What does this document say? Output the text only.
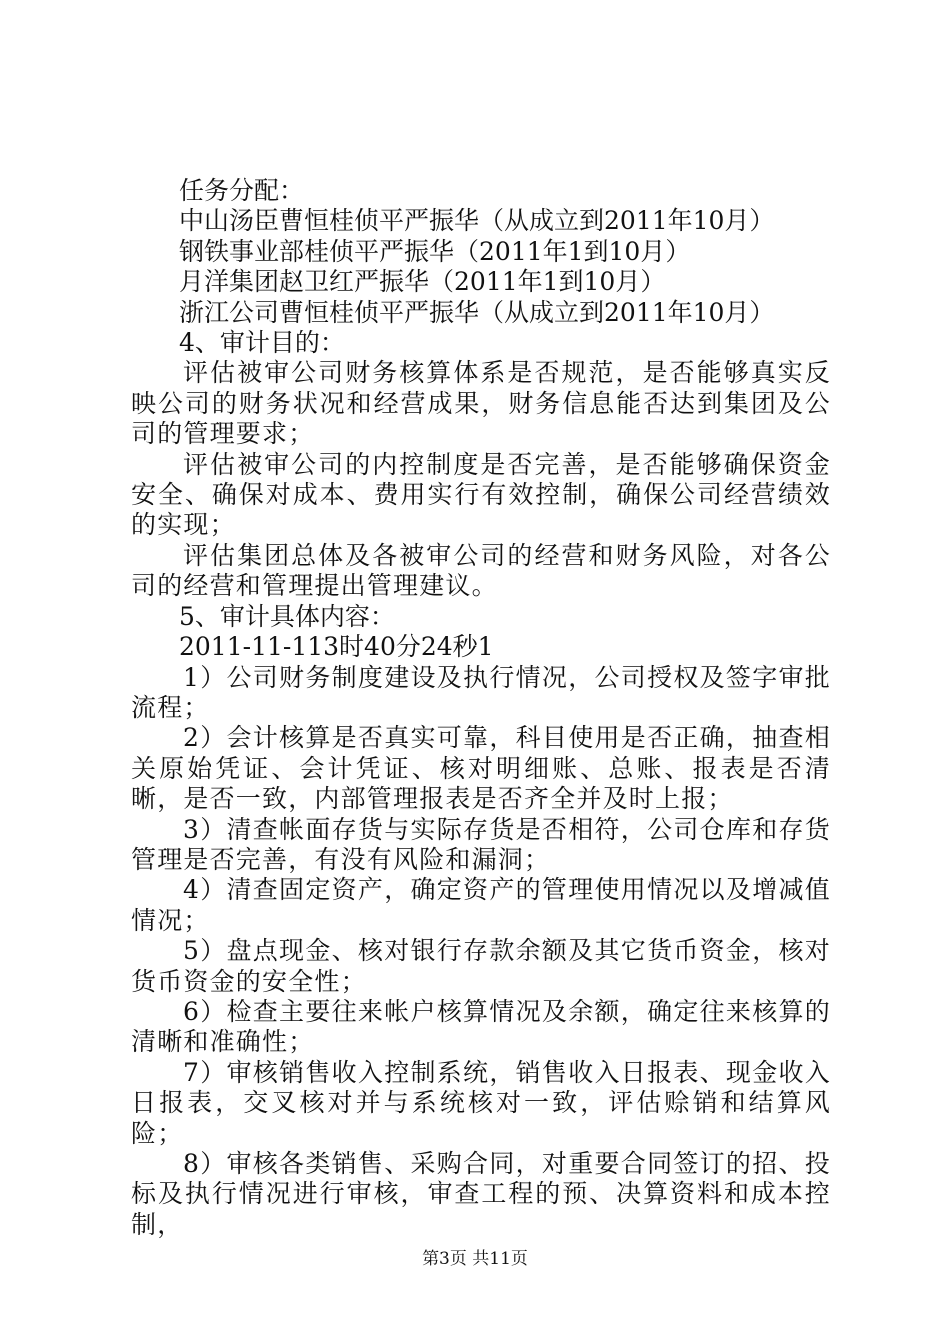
任务分配：
中山汤臣曹恒桂侦平严振华（从成立到2011年10月）
钢铁事业部桂侦平严振华（2011年1到10月）
月洋集团赵卫红严振华（2011年1到10月）
浙江公司曹恒桂侦平严振华（从成立到2011年10月）
4、审计目的：

评估被审公司财务核算体系是否规范，是否能够真实反映公司的财务状况和经营成果，财务信息能否达到集团及公司的管理要求；

评估被审公司的内控制度是否完善，是否能够确保资金安全、确保对成本、费用实行有效控制，确保公司经营绩效的实现；

评估集团总体及各被审公司的经营和财务风险，对各公司的经营和管理提出管理建议。

5、审计具体内容：
2011-11-113时40分24秒1

1）公司财务制度建设及执行情况，公司授权及签字审批流程；

2）会计核算是否真实可靠，科目使用是否正确，抽查相关原始凭证、会计凭证、核对明细账、总账、报表是否清晰，是否一致，内部管理报表是否齐全并及时上报；

3）清查帐面存货与实际存货是否相符，公司仓库和存货管理是否完善，有没有风险和漏洞；

4）清查固定资产，确定资产的管理使用情况以及增减值情况；

5）盘点现金、核对银行存款余额及其它货币资金，核对货币资金的安全性；

6）检查主要往来帐户核算情况及余额，确定往来核算的清晰和准确性；

7）审核销售收入控制系统，销售收入日报表、现金收入日报表，交叉核对并与系统核对一致，评估赊销和结算风险；

8）审核各类销售、采购合同，对重要合同签订的招、投标及执行情况进行审核，审查工程的预、决算资料和成本控制，

第3页 共11页
